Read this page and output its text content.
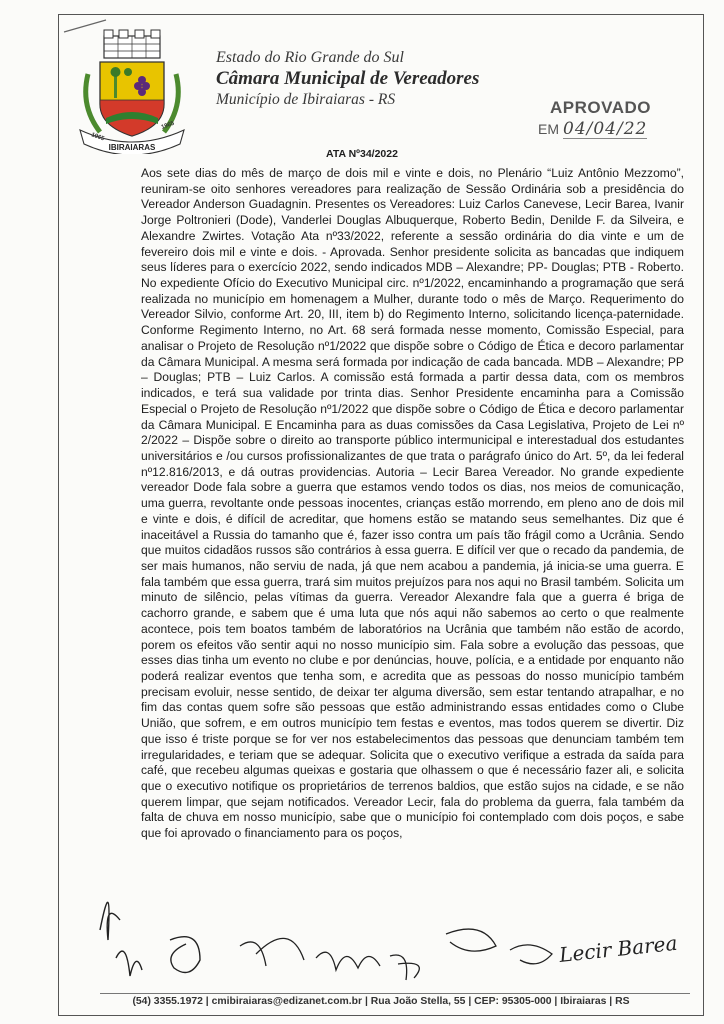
1965
1965
IBIRAIARAS
Estado do Rio Grande do Sul
Câmara Municipal de Vereadores
Município de Ibiraiaras - RS	APROVADO
EM 04/04/22
ATA Nº34/2022

Aos sete dias do mês de março de dois mil e vinte e dois, no Plenário “Luiz Antônio Mezzomo”, reuniram-se oito senhores vereadores para realização de Sessão Ordinária sob a presidência do Vereador Anderson Guadagnin. Presentes os Vereadores: Luiz Carlos Canevese, Lecir Barea, Ivanir Jorge Poltronieri (Dode), Vanderlei Douglas Albuquerque, Roberto Bedin, Denilde F. da Silveira, e Alexandre Zwirtes. Votação Ata nº33/2022, referente a sessão ordinária do dia vinte e um de fevereiro dois mil e vinte e dois. - Aprovada. Senhor presidente solicita as bancadas que indiquem seus líderes para o exercício 2022, sendo indicados MDB – Alexandre; PP- Douglas; PTB - Roberto. No expediente Ofício do Executivo Municipal circ. nº1/2022, encaminhando a programação que será realizada no município em homenagem a Mulher, durante todo o mês de Março. Requerimento do Vereador Silvio, conforme Art. 20, III, item b) do Regimento Interno, solicitando licença-paternidade. Conforme Regimento Interno, no Art. 68 será formada nesse momento, Comissão Especial, para analisar o Projeto de Resolução nº1/2022 que dispõe sobre o Código de Ética e decoro parlamentar da Câmara Municipal. A mesma será formada por indicação de cada bancada. MDB – Alexandre; PP – Douglas; PTB – Luiz Carlos. A comissão está formada a partir dessa data, com os membros indicados, e terá sua validade por trinta dias. Senhor Presidente encaminha para a Comissão Especial o Projeto de Resolução nº1/2022 que dispõe sobre o Código de Ética e decoro parlamentar da Câmara Municipal. E Encaminha para as duas comissões da Casa Legislativa, Projeto de Lei nº 2/2022 – Dispõe sobre o direito ao transporte público intermunicipal e interestadual dos estudantes universitários e /ou cursos profissionalizantes de que trata o parágrafo único do Art. 5º, da lei federal nº12.816/2013, e dá outras providencias. Autoria – Lecir Barea Vereador. No grande expediente vereador Dode fala sobre a guerra que estamos vendo todos os dias, nos meios de comunicação, uma guerra, revoltante onde pessoas inocentes, crianças estão morrendo, em pleno ano de dois mil e vinte e dois, é difícil de acreditar, que homens estão se matando seus semelhantes. Diz que é inaceitável a Russia do tamanho que é, fazer isso contra um país tão frágil como a Ucrânia. Sendo que muitos cidadãos russos são contrários à essa guerra. E difícil ver que o recado da pandemia, de ser mais humanos, não serviu de nada, já que nem acabou a pandemia, já inicia-se uma guerra. E fala também que essa guerra, trará sim muitos prejuízos para nos aqui no Brasil também. Solicita um minuto de silêncio, pelas vítimas da guerra. Vereador Alexandre fala que a guerra é briga de cachorro grande, e sabem que é uma luta que nós aqui não sabemos ao certo o que realmente acontece, pois tem boatos também de laboratórios na Ucrânia que também não estão de acordo, porem os efeitos vão sentir aqui no nosso município sim. Fala sobre a evolução das pessoas, que esses dias tinha um evento no clube e por denúncias, houve, polícia, e a entidade por enquanto não poderá realizar eventos que tenha som, e acredita que as pessoas do nosso município também precisam evoluir, nesse sentido, de deixar ter alguma diversão, sem estar tentando atrapalhar, e no fim das contas quem sofre são pessoas que estão administrando essas entidades como o Clube União, que sofrem, e em outros município tem festas e eventos, mas todos querem se divertir. Diz que isso é triste porque se for ver nos estabelecimentos das pessoas que denunciam também tem irregularidades, e teriam que se adequar. Solicita que o executivo verifique a estrada da saída para café, que recebeu algumas queixas e gostaria que olhassem o que é necessário fazer ali, e solicita que o executivo notifique os proprietários de terrenos baldios, que estão sujos na cidade, e se não querem limpar, que sejam notificados. Vereador Lecir, fala do problema da guerra, fala também da falta de chuva em nosso município, sabe que o município foi contemplado com dois poços, e sabe que foi aprovado o financiamento para os poços,

Lecir Barea
(54) 3355.1972 | cmibiraiaras@edizanet.com.br | Rua João Stella, 55 | CEP: 95305-000 | Ibiraiaras | RS
